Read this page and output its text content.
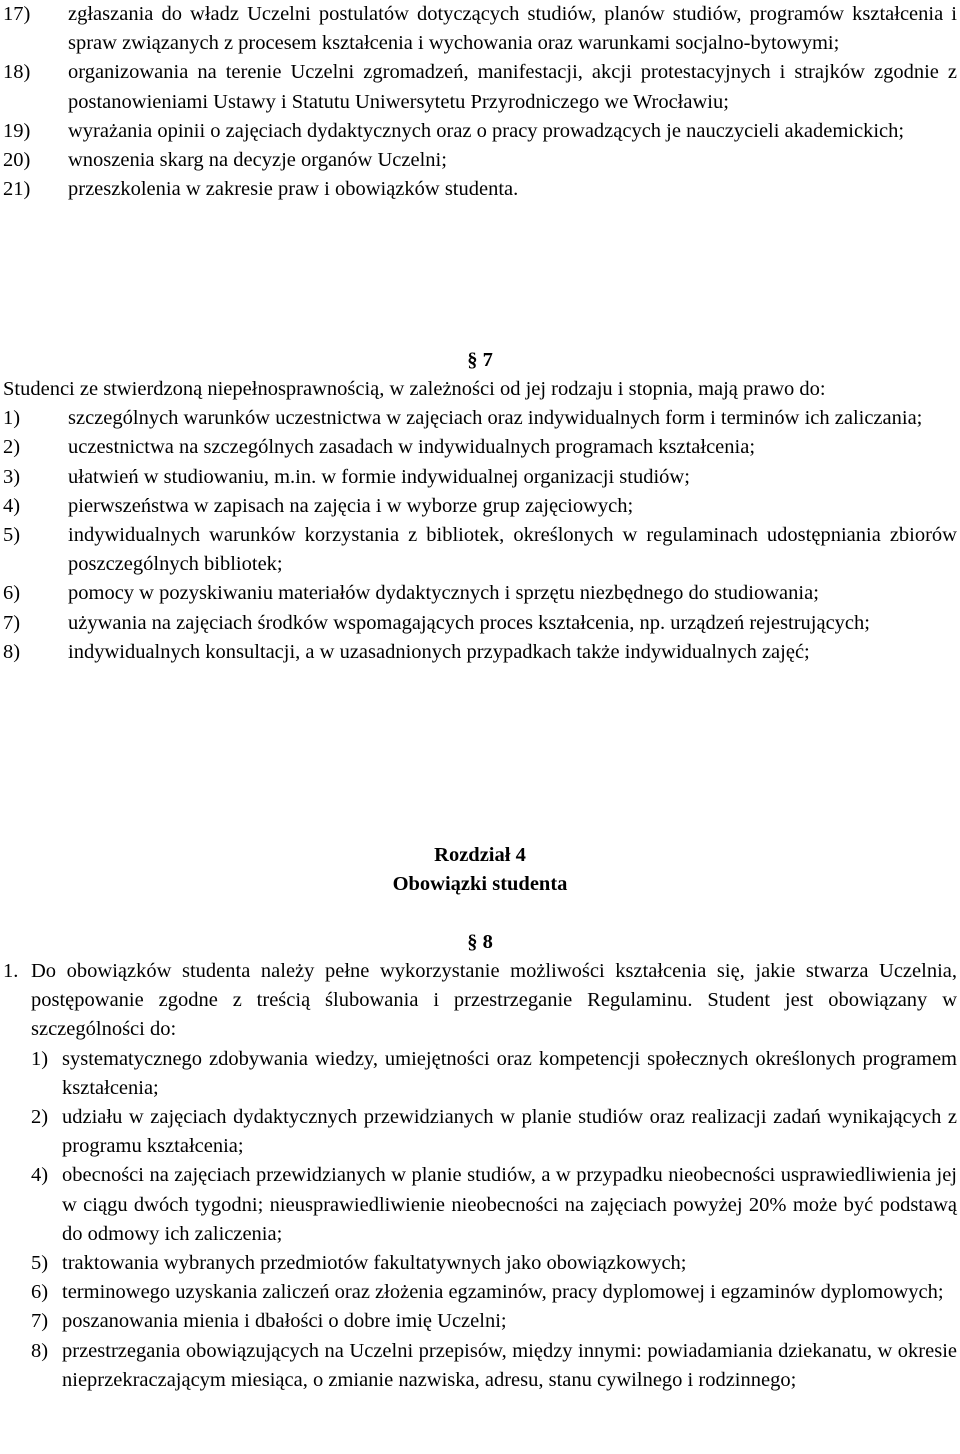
17) zgłaszania do władz Uczelni postulatów dotyczących studiów, planów studiów, programów kształcenia i spraw związanych z procesem kształcenia i wychowania oraz warunkami socjalno-bytowymi;
18) organizowania na terenie Uczelni zgromadzeń, manifestacji, akcji protestacyjnych i strajków zgodnie z postanowieniami Ustawy i Statutu Uniwersytetu Przyrodniczego we Wrocławiu;
19) wyrażania opinii o zajęciach dydaktycznych oraz o pracy prowadzących je nauczycieli akademickich;
20) wnoszenia skarg na decyzje organów Uczelni;
21) przeszkolenia w zakresie praw i obowiązków studenta.
§ 7
Studenci ze stwierdzoną niepełnosprawnością, w zależności od jej rodzaju i stopnia, mają prawo do:
1) szczególnych warunków uczestnictwa w zajęciach oraz indywidualnych form i terminów ich zaliczania;
2) uczestnictwa na szczególnych zasadach w indywidualnych programach kształcenia;
3) ułatwień w studiowaniu, m.in. w formie indywidualnej organizacji studiów;
4) pierwszeństwa w zapisach na zajęcia i w wyborze grup zajęciowych;
5) indywidualnych warunków korzystania z bibliotek, określonych w regulaminach udostępniania zbiorów poszczególnych bibliotek;
6) pomocy w pozyskiwaniu materiałów dydaktycznych i sprzętu niezbędnego do studiowania;
7) używania na zajęciach środków wspomagających proces kształcenia, np. urządzeń rejestrujących;
8) indywidualnych konsultacji, a w uzasadnionych przypadkach także indywidualnych zajęć;
Rozdział 4
Obowiązki studenta
§ 8
1. Do obowiązków studenta należy pełne wykorzystanie możliwości kształcenia się, jakie stwarza Uczelnia, postępowanie zgodne z treścią ślubowania i przestrzeganie Regulaminu. Student jest obowiązany w szczególności do:
1) systematycznego zdobywania wiedzy, umiejętności oraz kompetencji społecznych określonych programem kształcenia;
2) udziału w zajęciach dydaktycznych przewidzianych w planie studiów oraz realizacji zadań wynikających z programu kształcenia;
4) obecności na zajęciach przewidzianych w planie studiów, a w przypadku nieobecności usprawiedliwienia jej w ciągu dwóch tygodni; nieusprawiedliwienie nieobecności na zajęciach powyżej 20% może być podstawą do odmowy ich zaliczenia;
5) traktowania wybranych przedmiotów fakultatywnych jako obowiązkowych;
6) terminowego uzyskania zaliczeń oraz złożenia egzaminów, pracy dyplomowej i egzaminów dyplomowych;
7) poszanowania mienia i dbałości o dobre imię Uczelni;
8) przestrzegania obowiązujących na Uczelni przepisów, między innymi: powiadamiania dziekanatu, w okresie nieprzekraczającym miesiąca, o zmianie nazwiska, adresu, stanu cywilnego i rodzinnego;
